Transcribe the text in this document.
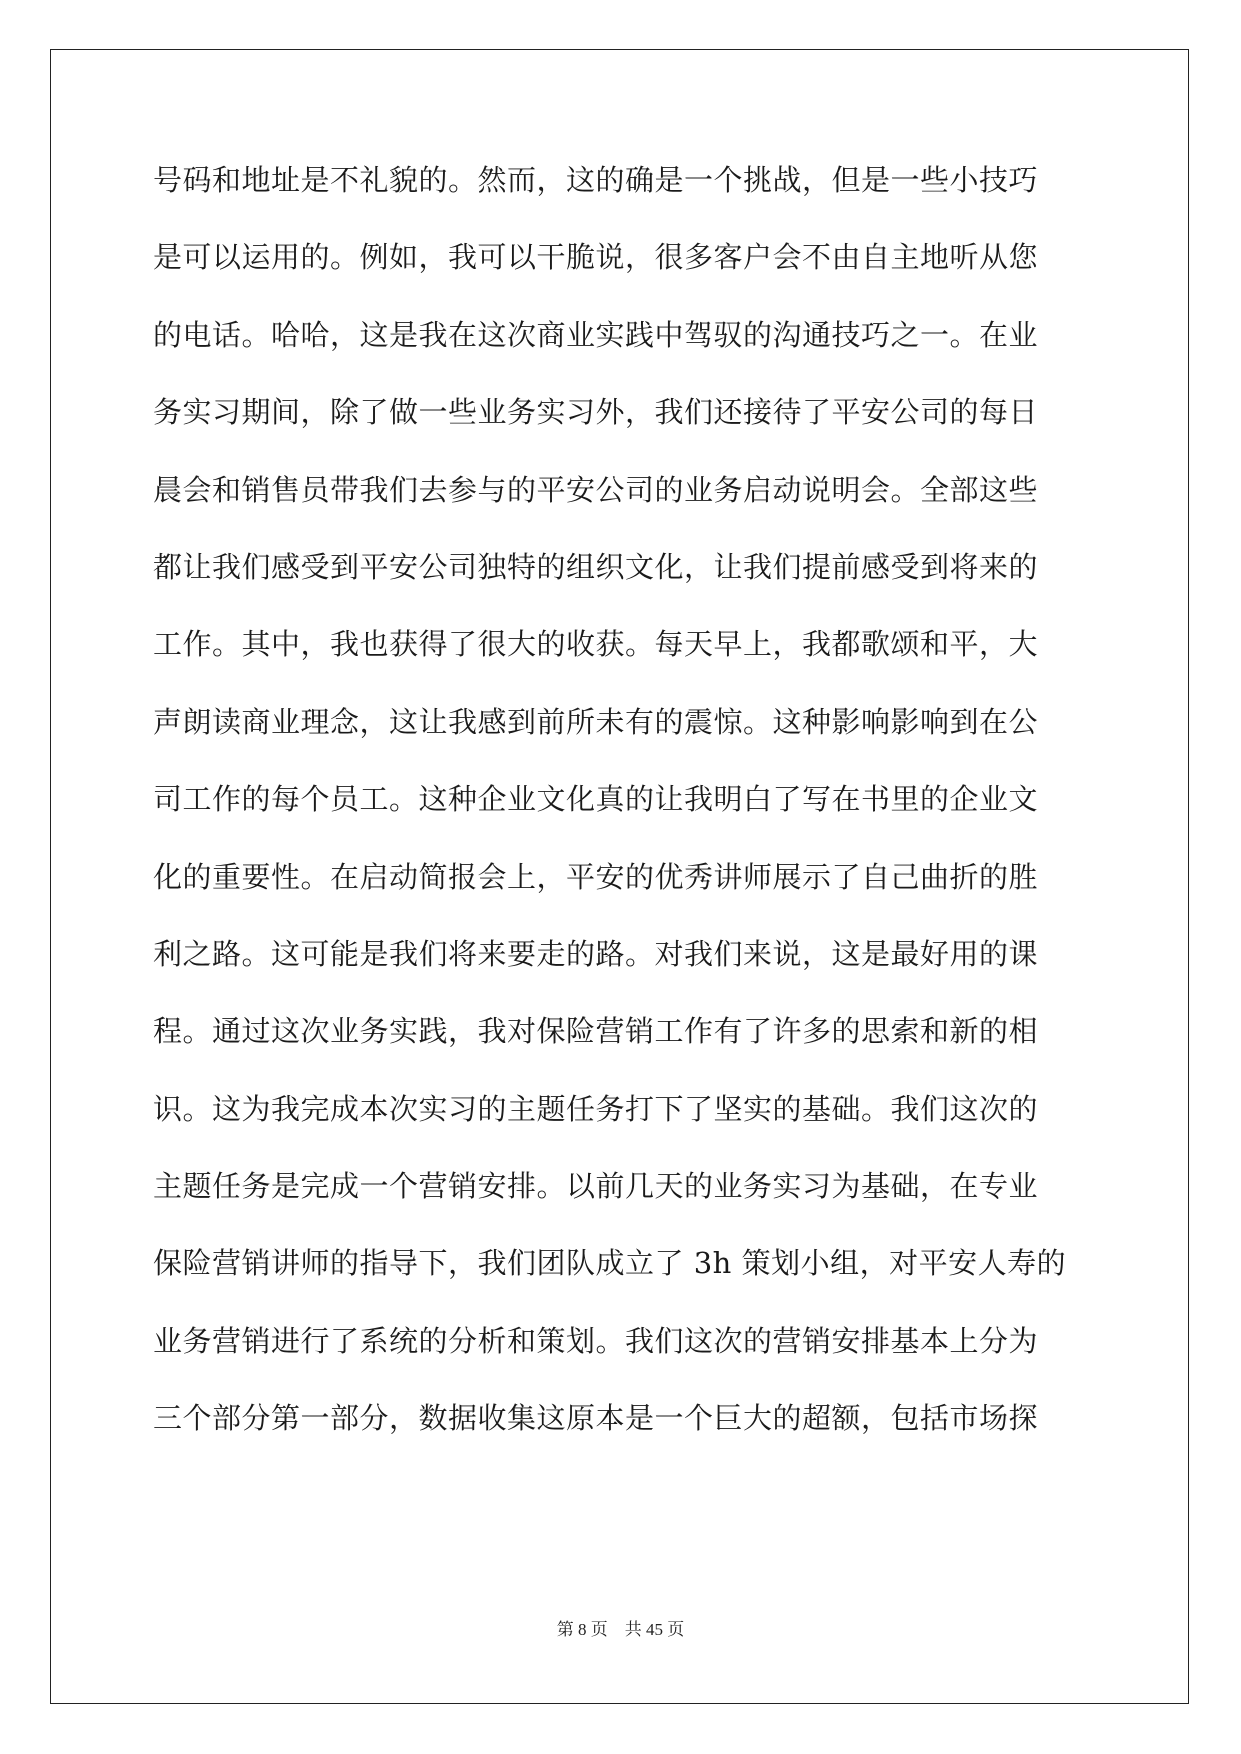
号码和地址是不礼貌的。然而，这的确是一个挑战，但是一些小技巧
是可以运用的。例如，我可以干脆说，很多客户会不由自主地听从您
的电话。哈哈，这是我在这次商业实践中驾驭的沟通技巧之一。在业
务实习期间，除了做一些业务实习外，我们还接待了平安公司的每日
晨会和销售员带我们去参与的平安公司的业务启动说明会。全部这些
都让我们感受到平安公司独特的组织文化，让我们提前感受到将来的
工作。其中，我也获得了很大的收获。每天早上，我都歌颂和平，大
声朗读商业理念，这让我感到前所未有的震惊。这种影响影响到在公
司工作的每个员工。这种企业文化真的让我明白了写在书里的企业文
化的重要性。在启动简报会上，平安的优秀讲师展示了自己曲折的胜
利之路。这可能是我们将来要走的路。对我们来说，这是最好用的课
程。通过这次业务实践，我对保险营销工作有了许多的思索和新的相
识。这为我完成本次实习的主题任务打下了坚实的基础。我们这次的
主题任务是完成一个营销安排。以前几天的业务实习为基础，在专业
保险营销讲师的指导下，我们团队成立了 3h 策划小组，对平安人寿的
业务营销进行了系统的分析和策划。我们这次的营销安排基本上分为
三个部分第一部分，数据收集这原本是一个巨大的超额，包括市场探
第 8 页　共 45 页
